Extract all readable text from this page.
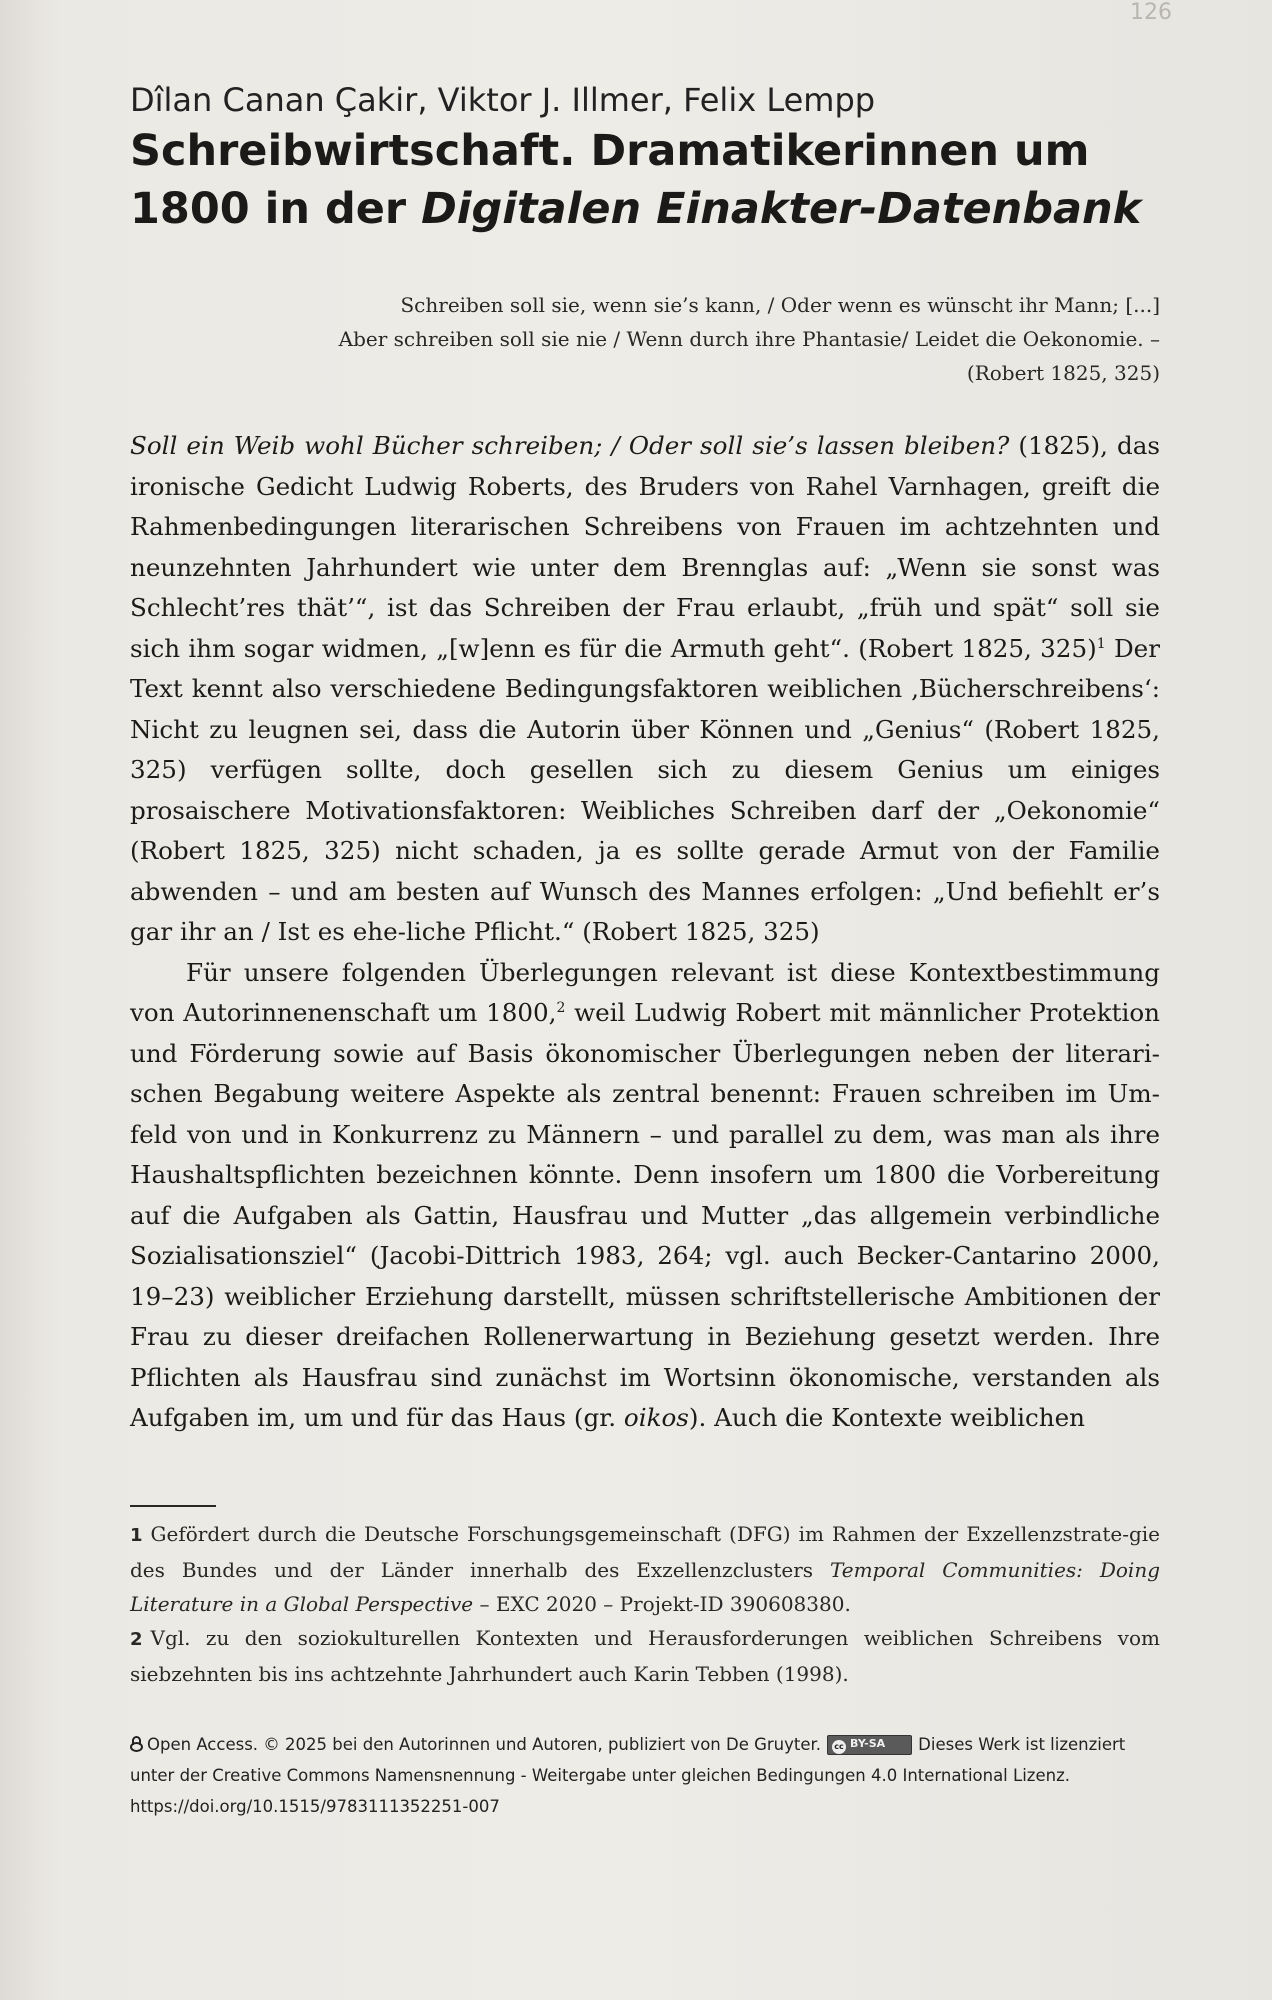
126

Dîlan Canan Çakir, Viktor J. Illmer, Felix Lempp

Schreibwirtschaft. Dramatikerinnen um
1800 in der Digitalen Einakter-Datenbank

Schreiben soll sie, wenn sie’s kann, / Oder wenn es wünscht ihr Mann; [...]

Aber schreiben soll sie nie / Wenn durch ihre Phantasie/ Leidet die Oekonomie. –

(Robert 1825, 325)

Soll ein Weib wohl Bücher schreiben; / Oder soll sie’s lassen bleiben? (1825), das ironische Gedicht Ludwig Roberts, des Bruders von Rahel Varnhagen, greift die Rahmenbedingungen literarischen Schreibens von Frauen im achtzehnten und neunzehnten Jahrhundert wie unter dem Brennglas auf: „Wenn sie sonst was Schlecht’res thät’“, ist das Schreiben der Frau erlaubt, „früh und spät“ soll sie sich ihm sogar widmen, „[w]enn es für die Armuth geht“. (Robert 1825, 325)$^1$ Der Text kennt also verschiedene Bedingungsfaktoren weiblichen ‚Bücherschreibens‘: Nicht zu leugnen sei, dass die Autorin über Können und „Genius“ (Robert 1825, 325) verfügen sollte, doch gesellen sich zu diesem Genius um einiges prosaischere Motivationsfaktoren: Weibliches Schreiben darf der „Oekonomie“ (Robert 1825, 325) nicht schaden, ja es sollte gerade Armut von der Familie abwenden – und am besten auf Wunsch des Mannes erfolgen: „Und befiehlt er’s gar ihr an / Ist es ehe-liche Pflicht.“ (Robert 1825, 325)

Für unsere folgenden Überlegungen relevant ist diese Kontextbestimmung von Autorinnenenschaft um 1800,$^2$ weil Ludwig Robert mit männlicher Protektion und Förderung sowie auf Basis ökonomischer Überlegungen neben der literari-schen Begabung weitere Aspekte als zentral benennt: Frauen schreiben im Um-feld von und in Konkurrenz zu Männern – und parallel zu dem, was man als ihre Haushaltspflichten bezeichnen könnte. Denn insofern um 1800 die Vorbereitung auf die Aufgaben als Gattin, Hausfrau und Mutter „das allgemein verbindliche Sozialisationsziel“ (Jacobi-Dittrich 1983, 264; vgl. auch Becker-Cantarino 2000, 19–23) weiblicher Erziehung darstellt, müssen schriftstellerische Ambitionen der Frau zu dieser dreifachen Rollenerwartung in Beziehung gesetzt werden. Ihre Pflichten als Hausfrau sind zunächst im Wortsinn ökonomische, verstanden als Aufgaben im, um und für das Haus (gr. oikos). Auch die Kontexte weiblichen

1 Gefördert durch die Deutsche Forschungsgemeinschaft (DFG) im Rahmen der Exzellenzstrate-gie des Bundes und der Länder innerhalb des Exzellenzclusters Temporal Communities: Doing Literature in a Global Perspective – EXC 2020 – Projekt-ID 390608380.

2 Vgl. zu den soziokulturellen Kontexten und Herausforderungen weiblichen Schreibens vom siebzehnten bis ins achtzehnte Jahrhundert auch Karin Tebben (1998).

Open Access. © 2025 bei den Autorinnen und Autoren, publiziert von De Gruyter. cc BY-SA Dieses Werk ist lizenziert unter der Creative Commons Namensnennung - Weitergabe unter gleichen Bedingungen 4.0 International Lizenz.

https://doi.org/10.1515/9783111352251-007
